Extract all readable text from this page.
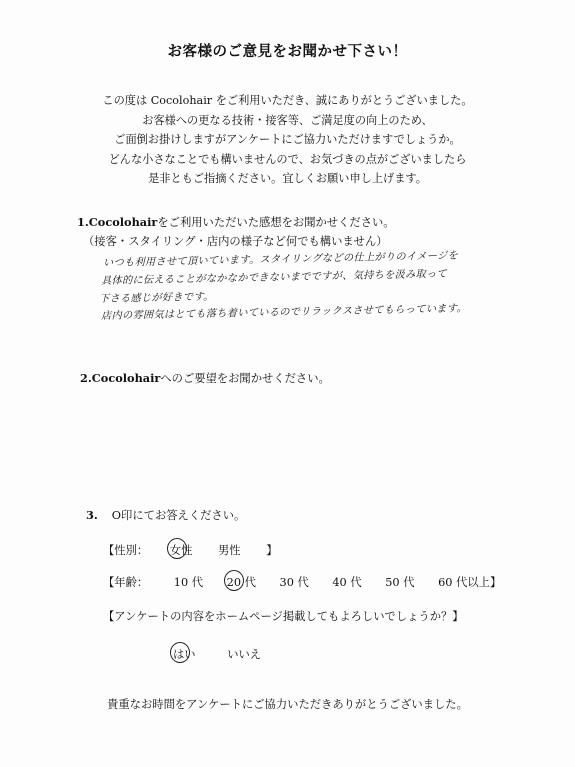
お客様のご意見をお聞かせ下さい！
この度は Cocolohair をご利用いただき、誠にありがとうございました。
お客様への更なる技術・接客等、ご満足度の向上のため、
ご面倒お掛けしますがアンケートにご協力いただけますでしょうか。
どんな小さなことでも構いませんので、お気づきの点がございましたら
是非ともご指摘ください。宜しくお願い申し上げます。
1.Cocolohairをご利用いただいた感想をお聞かせください。
（接客・スタイリング・店内の様子など何でも構いません）
いつも利用させて頂いています。スタイリングなどの仕上がりのイメージを
具体的に伝えることがなかなかできないまでですが、気持ちを汲み取って
下さる感じが好きです。
店内の雰囲気はとても落ち着いているのでリラックスさせてもらっています。
2.Cocolohairへのご要望をお聞かせください。
3. O印にてお答えください。
【性別： 女性 男性 】
【年齢： 10 代 20 代 30 代 40 代 50 代 60 代以上】
【アンケートの内容をホームページ掲載してもよろしいでしょうか？】
はい	いいえ
貴重なお時間をアンケートにご協力いただきありがとうございました。
